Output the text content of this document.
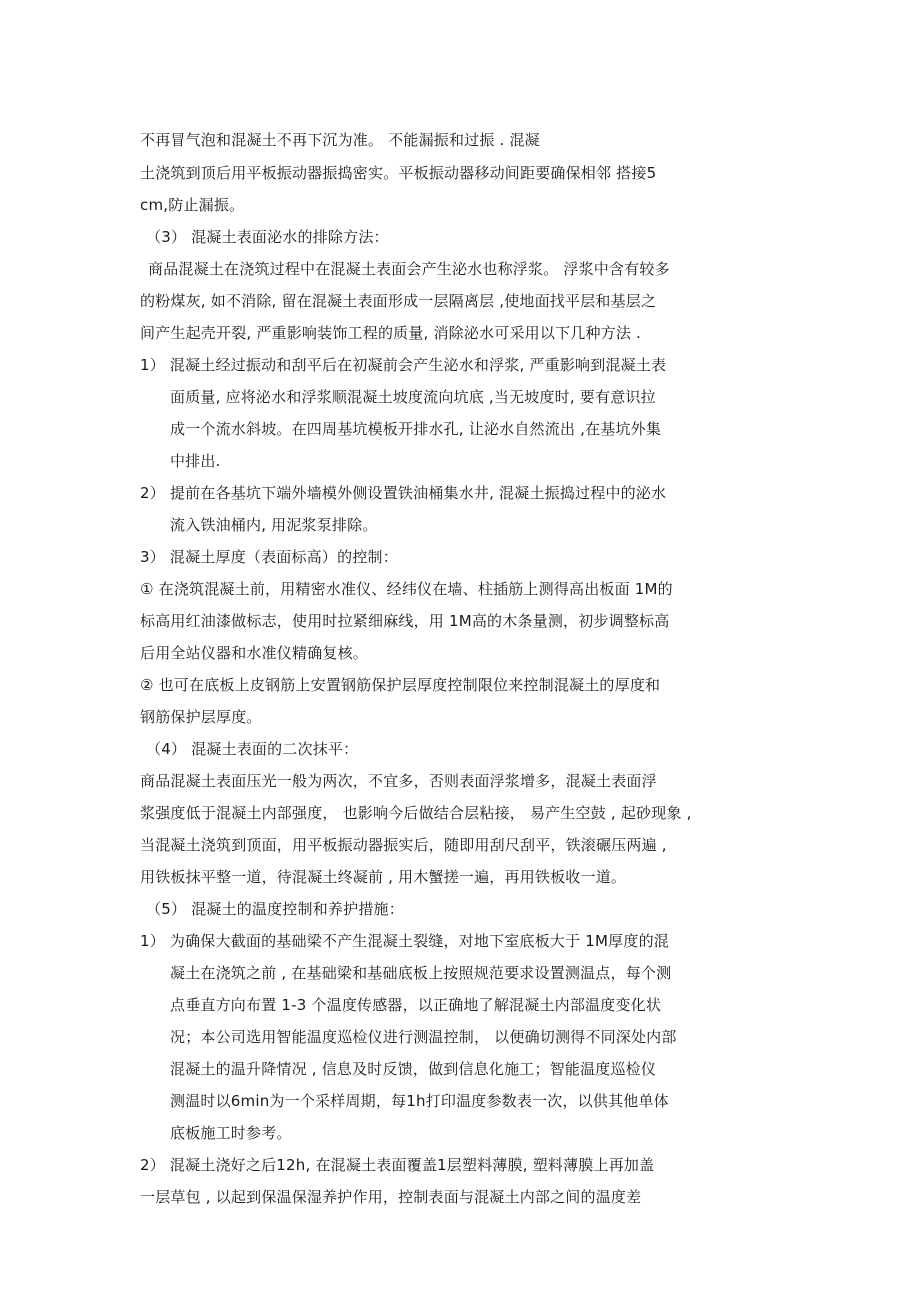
不再冒气泡和混凝土不再下沉为准。 不能漏振和过振 . 混凝
土浇筑到顶后用平板振动器振捣密实。平板振动器移动间距要确保相邻 搭接5
cm,防止漏振。
（3） 混凝土表面泌水的排除方法：
商品混凝土在浇筑过程中在混凝土表面会产生泌水也称浮浆。 浮浆中含有较多
的粉煤灰, 如不消除, 留在混凝土表面形成一层隔离层 ,使地面找平层和基层之
间产生起壳开裂, 严重影响装饰工程的质量, 消除泌水可采用以下几种方法 .
1） 混凝土经过振动和刮平后在初凝前会产生泌水和浮浆, 严重影响到混凝土表
面质量, 应将泌水和浮浆顺混凝土坡度流向坑底 ,当无坡度时, 要有意识拉
成一个流水斜坡。在四周基坑模板开排水孔, 让泌水自然流出 ,在基坑外集
中排出.
2） 提前在各基坑下端外墙模外侧设置铁油桶集水井, 混凝土振捣过程中的泌水
流入铁油桶内, 用泥浆泵排除。
3） 混凝土厚度（表面标高）的控制：
① 在浇筑混凝土前，用精密水准仪、经纬仪在墙、柱插筋上测得高出板面 1M的
标高用红油漆做标志，使用时拉紧细麻线，用 1M高的木条量测，初步调整标高
后用全站仪器和水准仪精确复核。
② 也可在底板上皮钢筋上安置钢筋保护层厚度控制限位来控制混凝土的厚度和
钢筋保护层厚度。
（4） 混凝土表面的二次抹平：
商品混凝土表面压光一般为两次，不宜多，否则表面浮浆增多，混凝土表面浮
浆强度低于混凝土内部强度， 也影响今后做结合层粘接， 易产生空鼓 , 起砂现象 ,
当混凝土浇筑到顶面，用平板振动器振实后，随即用刮尺刮平，铁滚碾压两遍 ,
用铁板抹平整一道，待混凝土终凝前 , 用木蟹搓一遍，再用铁板收一道。
（5） 混凝土的温度控制和养护措施：
1） 为确保大截面的基础梁不产生混凝土裂缝，对地下室底板大于 1M厚度的混
凝土在浇筑之前 , 在基础梁和基础底板上按照规范要求设置测温点，每个测
点垂直方向布置 1-3 个温度传感器，以正确地了解混凝土内部温度变化状
况；本公司选用智能温度巡检仪进行测温控制， 以便确切测得不同深处内部
混凝土的温升降情况 , 信息及时反馈，做到信息化施工；智能温度巡检仪
测温时以6min为一个采样周期，每1h打印温度参数表一次，以供其他单体
底板施工时参考。
2） 混凝土浇好之后12h, 在混凝土表面覆盖1层塑料薄膜, 塑料薄膜上再加盖
一层草包 , 以起到保温保湿养护作用，控制表面与混凝土内部之间的温度差
